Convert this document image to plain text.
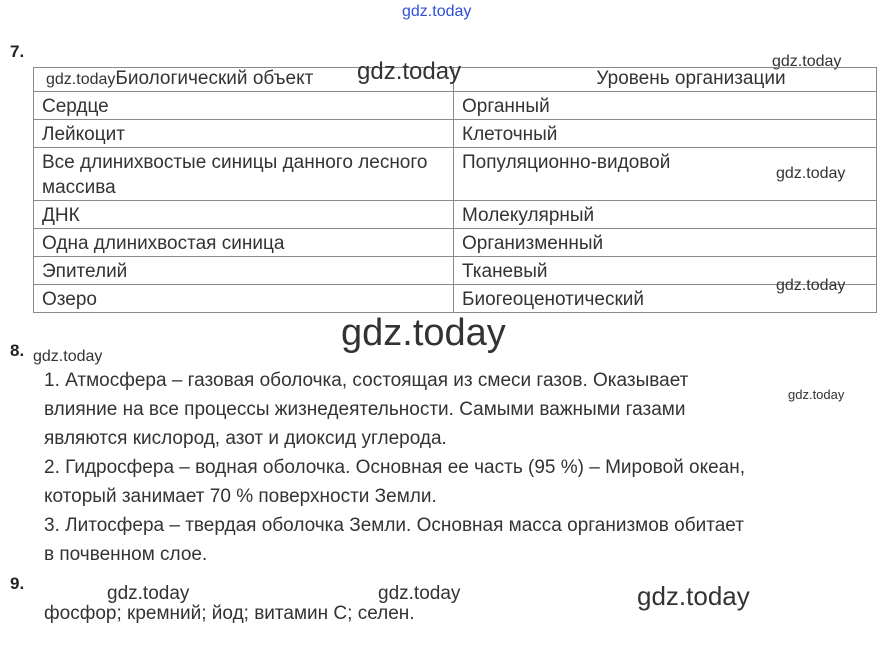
gdz.today
7.
gdz.today
gdz.todayБиологический объект	Уровень организации
Сердце	Органный
Лейкоцит	Клеточный
Все длинихвостые синицы данного лесного массива	Популяционно-видовой
ДНК	Молекулярный
Одна длинихвостая синица	Организменный
Эпителий	Тканевый
Озеро	Биогеоценотический
gdz.today
gdz.today
gdz.today
gdz.today
8. gdz.today
gdz.today
1. Атмосфера – газовая оболочка, состоящая из смеси газов. Оказывает
влияние на все процессы жизнедеятельности. Самыми важными газами
являются кислород, азот и диоксид углерода.
2. Гидросфера – водная оболочка. Основная ее часть (95 %) – Мировой океан,
который занимает 70 % поверхности Земли.
3. Литосфера – твердая оболочка Земли. Основная масса организмов обитает
в почвенном слое.
9.	gdz.today	gdz.today	gdz.today
фосфор; кремний; йод; витамин С; селен.
